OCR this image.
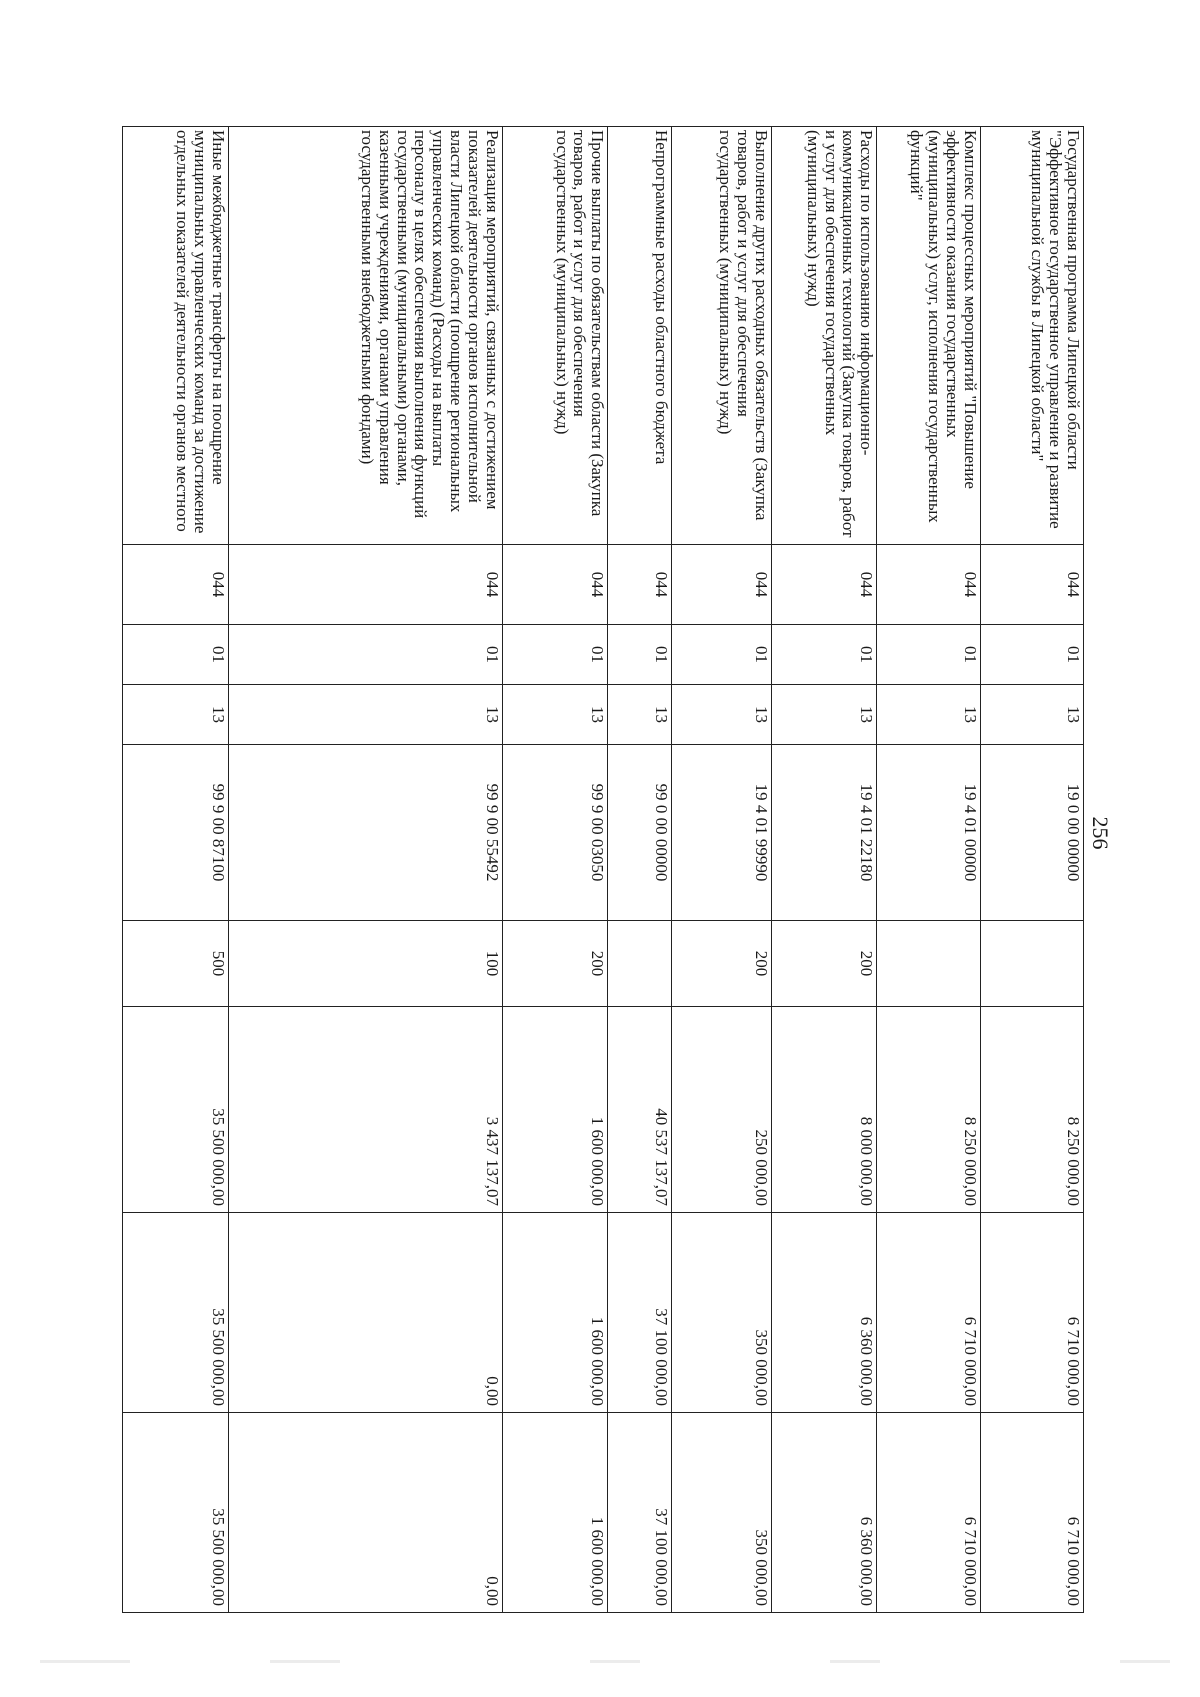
256
Государственная программа Липецкой области "Эффективное государственное управление и развитие муниципальной службы в Липецкой области"	044	01	13	19 0 00 00000		8 250 000,00	6 710 000,00	6 710 000,00
Комплекс процессных мероприятий "Повышение эффективности оказания государственных (муниципальных) услуг, исполнения государственных функций"	044	01	13	19 4 01 00000		8 250 000,00	6 710 000,00	6 710 000,00
Расходы по использованию информационно-коммуникационных технологий (Закупка товаров, работ и услуг для обеспечения государственных (муниципальных) нужд)	044	01	13	19 4 01 22180	200	8 000 000,00	6 360 000,00	6 360 000,00
Выполнение других расходных обязательств (Закупка товаров, работ и услуг для обеспечения государственных (муниципальных) нужд)	044	01	13	19 4 01 99990	200	250 000,00	350 000,00	350 000,00
Непрограммные расходы областного бюджета	044	01	13	99 0 00 00000		40 537 137,07	37 100 000,00	37 100 000,00
Прочие выплаты по обязательствам области (Закупка товаров, работ и услуг для обеспечения государственных (муниципальных) нужд)	044	01	13	99 9 00 03050	200	1 600 000,00	1 600 000,00	1 600 000,00
Реализация мероприятий, связанных с достижением показателей деятельности органов исполнительной власти Липецкой области (поощрение региональных управленческих команд) (Расходы на выплаты персоналу в целях обеспечения выполнения функций государственными (муниципальными) органами, казенными учреждениями, органами управления государственными внебюджетными фондами)	044	01	13	99 9 00 55492	100	3 437 137,07	0,00	0,00
Иные межбюджетные трансферты на поощрение муниципальных управленческих команд за достижение отдельных показателей деятельности органов местного	044	01	13	99 9 00 87100	500	35 500 000,00	35 500 000,00	35 500 000,00
